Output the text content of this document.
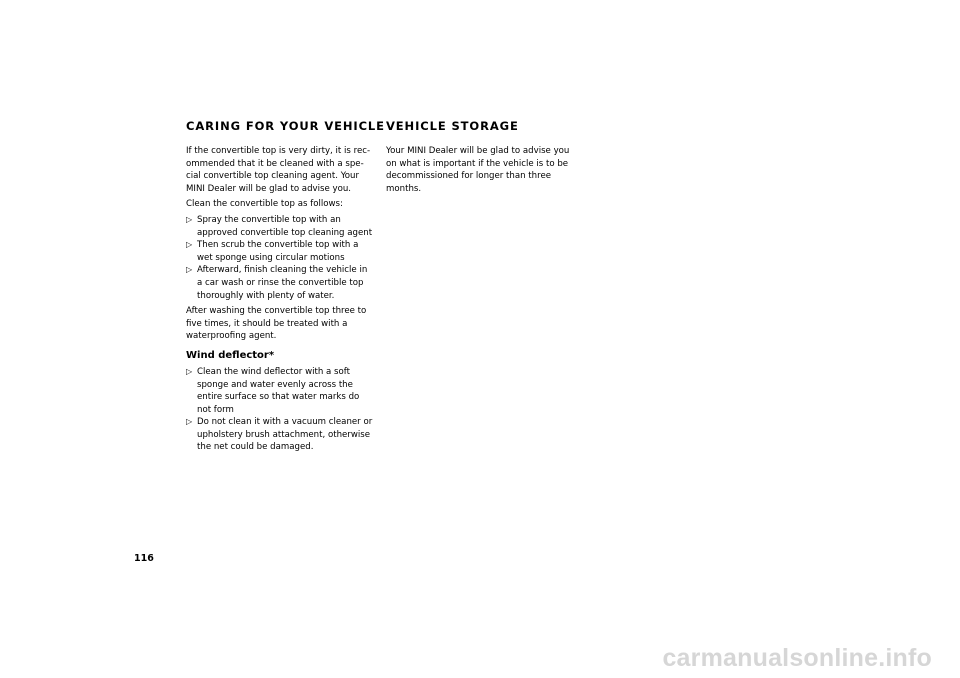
CARING FOR YOUR VEHICLE

If the convertible top is very dirty, it is rec-
ommended that it be cleaned with a spe-
cial convertible top cleaning agent. Your
MINI Dealer will be glad to advise you.

Clean the convertible top as follows:

▷ Spray the convertible top with an
approved convertible top cleaning agent
▷ Then scrub the convertible top with a
wet sponge using circular motions
▷ Afterward, finish cleaning the vehicle in
a car wash or rinse the convertible top
thoroughly with plenty of water.

After washing the convertible top three to
five times, it should be treated with a
waterproofing agent.

Wind deflector*
▷ Clean the wind deflector with a soft
sponge and water evenly across the
entire surface so that water marks do
not form
▷ Do not clean it with a vacuum cleaner or
upholstery brush attachment, otherwise
the net could be damaged.
VEHICLE STORAGE

Your MINI Dealer will be glad to advise you
on what is important if the vehicle is to be
decommissioned for longer than three
months.

116
carmanualsonline.info
